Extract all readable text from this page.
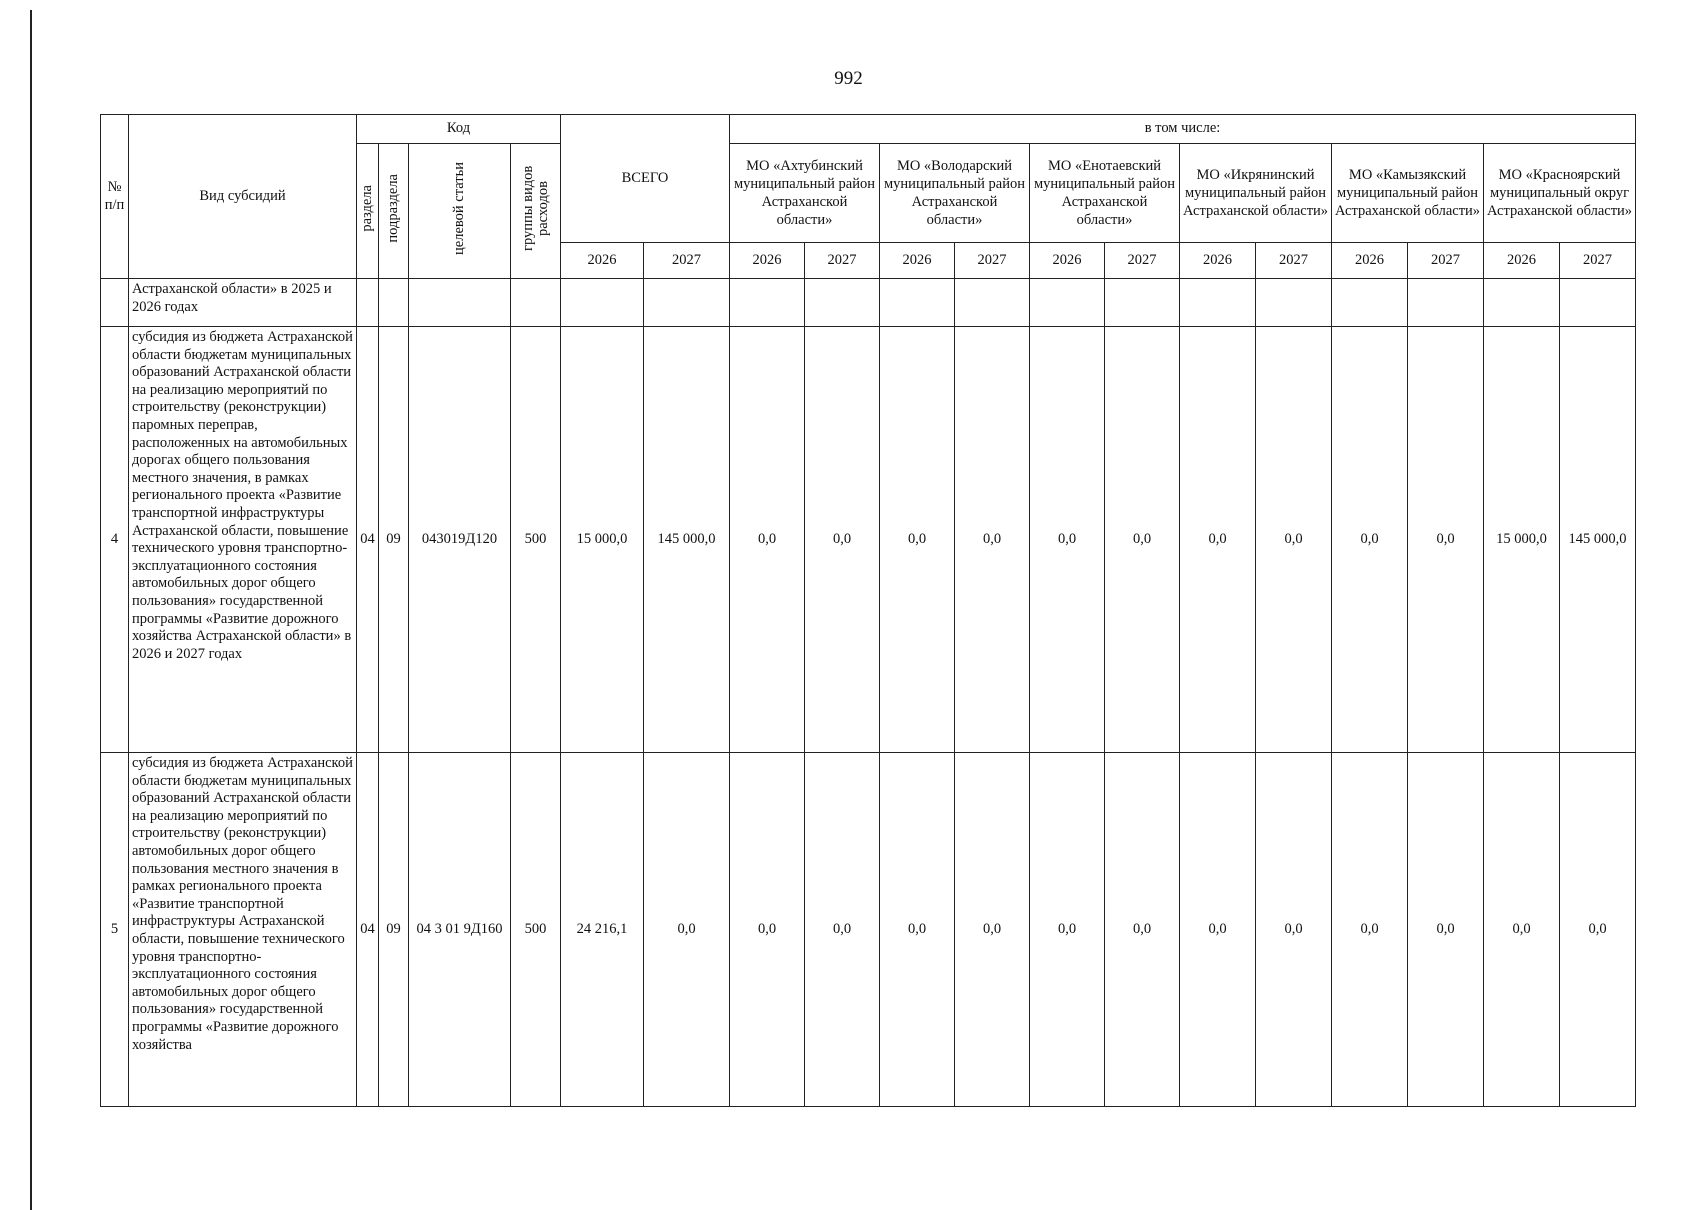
992
№ п/п	Вид субсидий	Код				ВСЕГО		в том числе:											
		раздела	подраздела	целевой статьи	группы видов расходов			МО «Ахтубинский муниципальный район Астраханской области»		МО «Володарский муниципальный район Астраханской области»		МО «Енотаевский муниципальный район Астраханской области»		МО «Икрянинский муниципальный район Астраханской области»		МО «Камызякский муниципальный район Астраханской области»		МО «Красноярский муниципальный округ Астраханской области»	
						2026	2027	2026	2027	2026	2027	2026	2027	2026	2027	2026	2027	2026	2027
	Астраханской области» в 2025 и 2026 годах																		
4	субсидия из бюджета Астраханской области бюджетам муниципальных образований Астраханской области на реализацию мероприятий по строительству (реконструкции) паромных переправ, расположенных на автомобильных дорогах общего пользования местного значения, в рамках регионального проекта «Развитие транспортной инфраструктуры Астраханской области, повышение технического уровня транспортно-эксплуатационного состояния автомобильных дорог общего пользования» государственной программы «Развитие дорожного хозяйства Астраханской области» в 2026 и 2027 годах	04	09	043019Д120	500	15 000,0	145 000,0	0,0	0,0	0,0	0,0	0,0	0,0	0,0	0,0	0,0	0,0	15 000,0	145 000,0
5	субсидия из бюджета Астраханской области бюджетам муниципальных образований Астраханской области на реализацию мероприятий по строительству (реконструкции) автомобильных дорог общего пользования местного значения в рамках регионального проекта «Развитие транспортной инфраструктуры Астраханской области, повышение технического уровня транспортно-эксплуатационного состояния автомобильных дорог общего пользования» государственной программы «Развитие дорожного хозяйства	04	09	04 3 01 9Д160	500	24 216,1	0,0	0,0	0,0	0,0	0,0	0,0	0,0	0,0	0,0	0,0	0,0	0,0	0,0
